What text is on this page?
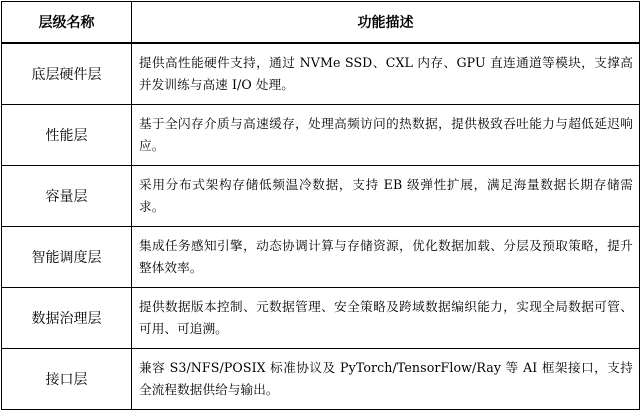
层级名称	功能描述
底层硬件层	提供高性能硬件支持，通过 NVMe SSD、CXL 内存、GPU 直连通道等模块，支撑高并发训练与高速 I/O 处理。
性能层	基于全闪存介质与高速缓存，处理高频访问的热数据，提供极致吞吐能力与超低延迟响应。
容量层	采用分布式架构存储低频温冷数据，支持 EB 级弹性扩展，满足海量数据长期存储需求。
智能调度层	集成任务感知引擎，动态协调计算与存储资源，优化数据加载、分层及预取策略，提升整体效率。
数据治理层	提供数据版本控制、元数据管理、安全策略及跨域数据编织能力，实现全局数据可管、可用、可追溯。
接口层	兼容 S3/NFS/POSIX 标准协议及 PyTorch/TensorFlow/Ray 等 AI 框架接口，支持全流程数据供给与输出。
